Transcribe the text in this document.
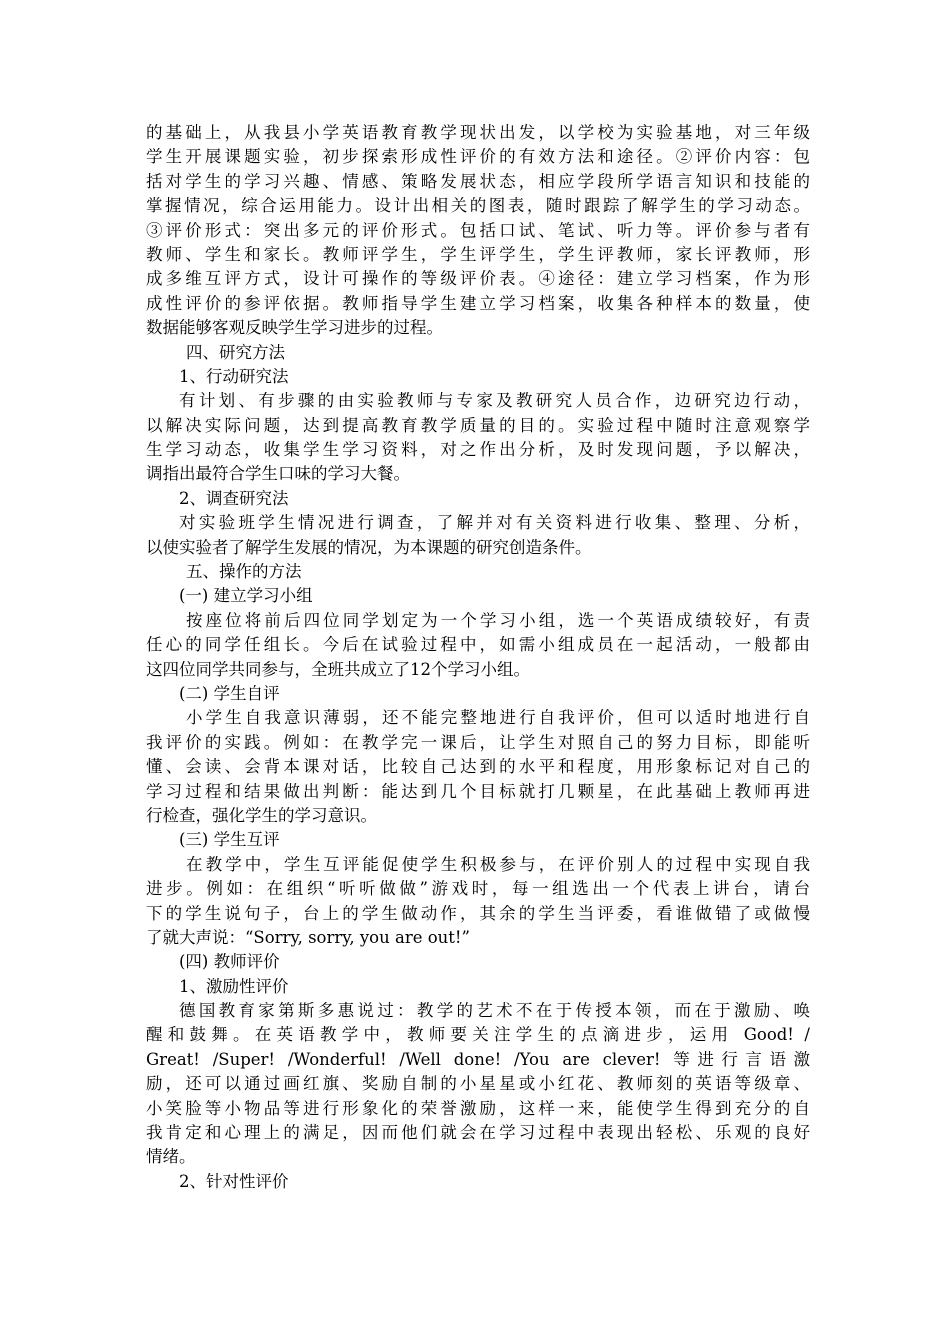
的基础上，从我县小学英语教育教学现状出发，以学校为实验基地，对三年级
学生开展课题实验，初步探索形成性评价的有效方法和途径。②评价内容：包
括对学生的学习兴趣、情感、策略发展状态，相应学段所学语言知识和技能的
掌握情况，综合运用能力。设计出相关的图表，随时跟踪了解学生的学习动态。
③评价形式：突出多元的评价形式。包括口试、笔试、听力等。评价参与者有
教师、学生和家长。教师评学生，学生评学生，学生评教师，家长评教师，形
成多维互评方式，设计可操作的等级评价表。④途径：建立学习档案，作为形
成性评价的参评依据。教师指导学生建立学习档案，收集各种样本的数量，使
数据能够客观反映学生学习进步的过程。
四、研究方法
1、行动研究法
有计划、有步骤的由实验教师与专家及教研究人员合作，边研究边行动，
以解决实际问题，达到提高教育教学质量的目的。实验过程中随时注意观察学
生学习动态，收集学生学习资料，对之作出分析，及时发现问题，予以解决，
调指出最符合学生口味的学习大餐。
2、调查研究法
对实验班学生情况进行调查，了解并对有关资料进行收集、整理、分析，
以使实验者了解学生发展的情况，为本课题的研究创造条件。
五、操作的方法
(一) 建立学习小组
按座位将前后四位同学划定为一个学习小组，选一个英语成绩较好，有责
任心的同学任组长。今后在试验过程中，如需小组成员在一起活动，一般都由
这四位同学共同参与，全班共成立了12个学习小组。
(二) 学生自评
小学生自我意识薄弱，还不能完整地进行自我评价，但可以适时地进行自
我评价的实践。例如：在教学完一课后，让学生对照自己的努力目标，即能听
懂、会读、会背本课对话，比较自己达到的水平和程度，用形象标记对自己的
学习过程和结果做出判断：能达到几个目标就打几颗星，在此基础上教师再进
行检查，强化学生的学习意识。
(三) 学生互评
在教学中，学生互评能促使学生积极参与，在评价别人的过程中实现自我
进步。例如：在组织“听听做做”游戏时，每一组选出一个代表上讲台，请台
下的学生说句子，台上的学生做动作，其余的学生当评委，看谁做错了或做慢
了就大声说：“Sorry, sorry, you are out!”
(四) 教师评价
1、激励性评价
德国教育家第斯多惠说过：教学的艺术不在于传授本领，而在于激励、唤
醒和鼓舞。在英语教学中，教师要关注学生的点滴进步，运用 Good! /
Great! /Super! /Wonderful! /Well done! /You are clever! 等进行言语激
励，还可以通过画红旗、奖励自制的小星星或小红花、教师刻的英语等级章、
小笑脸等小物品等进行形象化的荣誉激励，这样一来，能使学生得到充分的自
我肯定和心理上的满足，因而他们就会在学习过程中表现出轻松、乐观的良好
情绪。
2、针对性评价
